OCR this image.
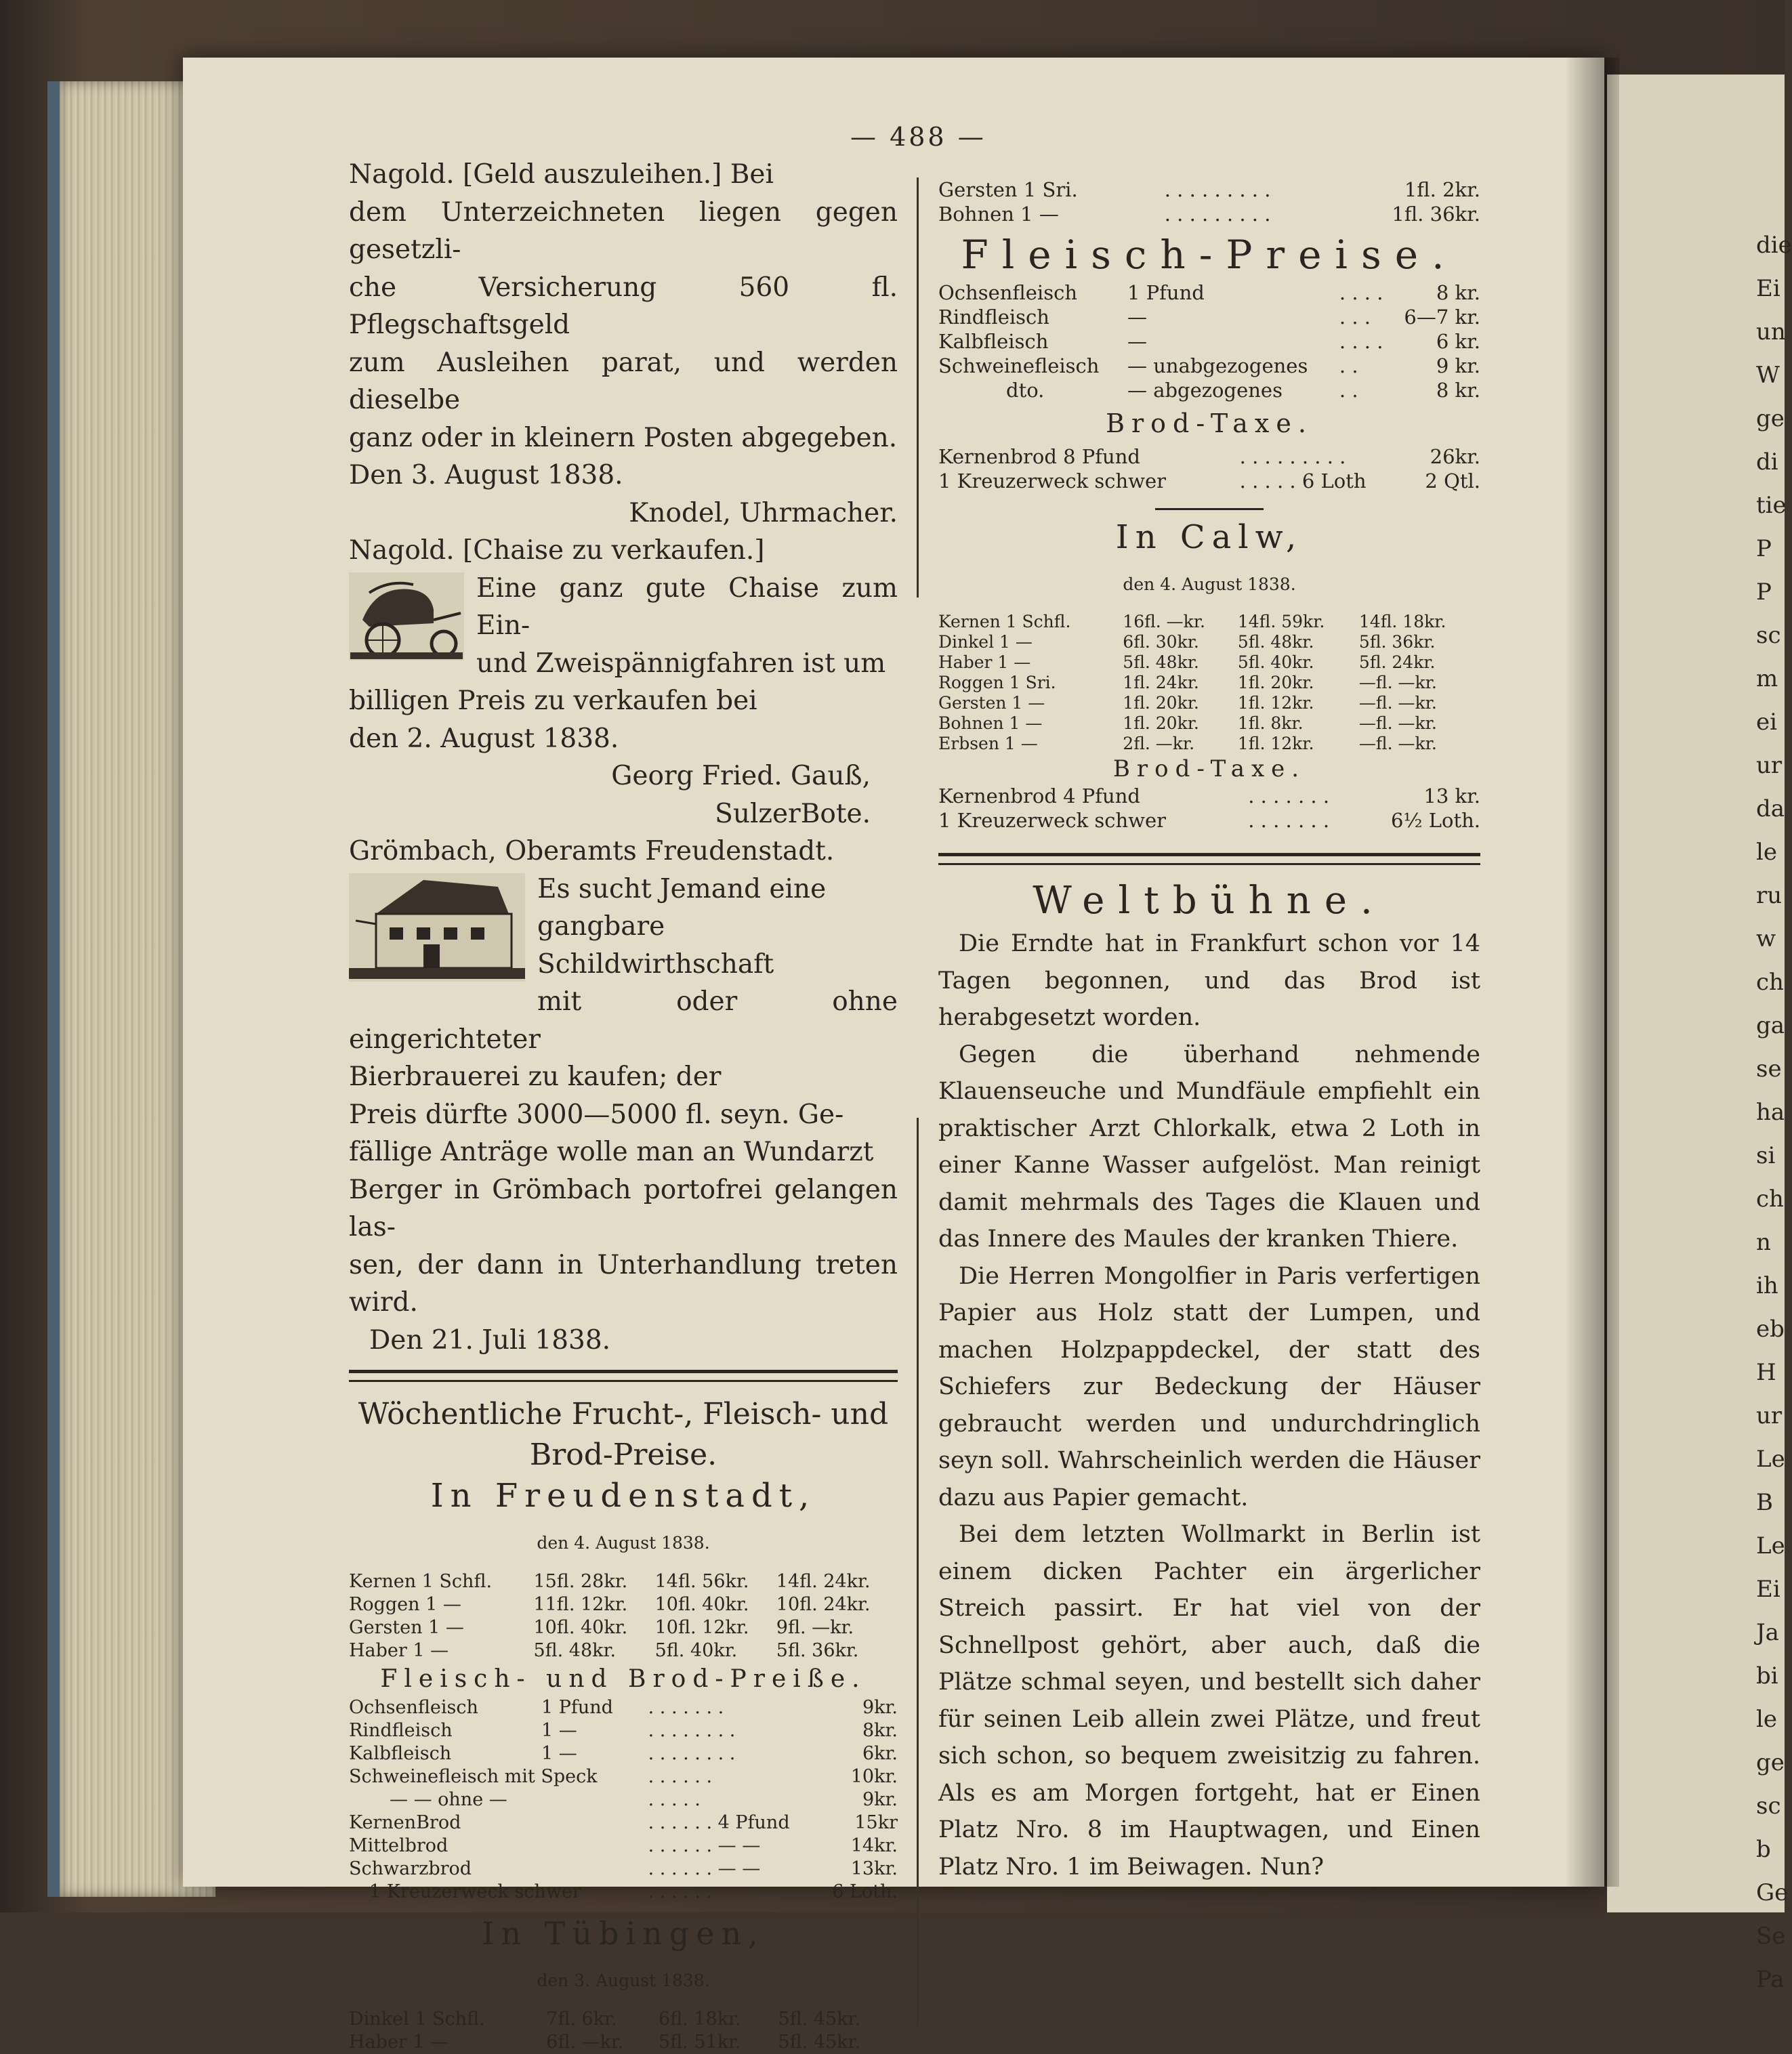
— 488 —

Nagold. [Geld auszuleihen.] Bei

dem Unterzeichneten liegen gegen gesetzli-

che Versicherung 560 fl. Pflegschaftsgeld

zum Ausleihen parat, und werden dieselbe

ganz oder in kleinern Posten abgegeben.

Den 3. August 1838.

Knodel, Uhrmacher.

Nagold. [Chaise zu verkaufen.]

Eine ganz gute Chaise zum Ein-

und Zweispännigfahren ist um

billigen Preis zu verkaufen bei

den 2. August 1838.

Georg Fried. Gauß,

SulzerBote.

Grömbach, Oberamts Freudenstadt.

Es sucht Jemand eine

gangbare Schildwirthschaft

mit oder ohne eingerichteter

Bierbrauerei zu kaufen; der

Preis dürfte 3000—5000 fl. seyn. Ge-

fällige Anträge wolle man an Wundarzt

Berger in Grömbach portofrei gelangen las-

sen, der dann in Unterhandlung treten wird.

Den 21. Juli 1838.

Wöchentliche Frucht-, Fleisch- und

Brod-Preise.

In Freudenstadt,

den 4. August 1838.

Kernen 1 Schfl.	15fl. 28kr.	14fl. 56kr.	14fl. 24kr.
Roggen 1 —	11fl. 12kr.	10fl. 40kr.	10fl. 24kr.
Gersten 1 —	10fl. 40kr.	10fl. 12kr.	9fl. —kr.
Haber 1 —	5fl. 48kr.	5fl. 40kr.	5fl. 36kr.

Fleisch- und Brod-Preiße.

Ochsenfleisch	1 Pfund	. . . . . . .	9kr.
Rindfleisch	1 —	. . . . . . . .	8kr.
Kalbfleisch	1 —	. . . . . . . .	6kr.
Schweinefleisch mit Speck		. . . . . .	10kr.
— — ohne —		. . . . .	9kr.
KernenBrod		. . . . . . 4 Pfund	15kr
Mittelbrod		. . . . . . — —	14kr.
Schwarzbrod		. . . . . . — —	13kr.
1 Kreuzerweck schwer		. . . . . .	6 Loth.

In Tübingen,

den 3. August 1838.

Dinkel 1 Schfl.	7fl. 6kr.	6fl. 18kr.	5fl. 45kr.
Haber 1 —	6fl. —kr.	5fl. 51kr.	5fl. 45kr.
Gersten 1 Sri.	. . . . . . . . .	1fl. 2kr.
Bohnen 1 —	. . . . . . . . .	1fl. 36kr.

Fleisch-Preise.

Ochsenfleisch	1 Pfund	. . . .	8 kr.
Rindfleisch	—	. . .	6—7 kr.
Kalbfleisch	—	. . . .	6 kr.
Schweinefleisch	— unabgezogenes	. .	9 kr.
dto.	— abgezogenes	. .	8 kr.

Brod-Taxe.

Kernenbrod 8 Pfund	. . . . . . . . .	26kr.
1 Kreuzerweck schwer	. . . . . 6 Loth	2 Qtl.

In Calw,

den 4. August 1838.

Kernen 1 Schfl.	16fl. —kr.	14fl. 59kr.	14fl. 18kr.
Dinkel 1 —	6fl. 30kr.	5fl. 48kr.	5fl. 36kr.
Haber 1 —	5fl. 48kr.	5fl. 40kr.	5fl. 24kr.
Roggen 1 Sri.	1fl. 24kr.	1fl. 20kr.	—fl. —kr.
Gersten 1 —	1fl. 20kr.	1fl. 12kr.	—fl. —kr.
Bohnen 1 —	1fl. 20kr.	1fl. 8kr.	—fl. —kr.
Erbsen 1 —	2fl. —kr.	1fl. 12kr.	—fl. —kr.

Brod-Taxe.

Kernenbrod 4 Pfund	. . . . . . .	13 kr.
1 Kreuzerweck schwer	. . . . . . .	6½ Loth.

Weltbühne.

Die Erndte hat in Frankfurt schon vor 14 Tagen begonnen, und das Brod ist herabgesetzt worden.

Gegen die überhand nehmende Klauenseuche und Mundfäule empfiehlt ein praktischer Arzt Chlorkalk, etwa 2 Loth in einer Kanne Wasser aufgelöst. Man reinigt damit mehrmals des Tages die Klauen und das Innere des Maules der kranken Thiere.

Die Herren Mongolfier in Paris verfertigen Papier aus Holz statt der Lumpen, und machen Holzpappdeckel, der statt des Schiefers zur Bedeckung der Häuser gebraucht werden und undurchdringlich seyn soll. Wahrscheinlich werden die Häuser dazu aus Papier gemacht.

Bei dem letzten Wollmarkt in Berlin ist einem dicken Pachter ein ärgerlicher Streich passirt. Er hat viel von der Schnellpost gehört, aber auch, daß die Plätze schmal seyen, und bestellt sich daher für seinen Leib allein zwei Plätze, und freut sich schon, so bequem zweisitzig zu fahren. Als es am Morgen fortgeht, hat er Einen Platz Nro. 8 im Hauptwagen, und Einen Platz Nro. 1 im Beiwagen. Nun?

die
Ei
un
W
ge
di
tie
P
P
sc
m
ei
ur
da
le
ru
w
ch
ga
se
ha
si
ch
n
ih
eb
H
ur
Le
B
Le
Ei
Ja
bi
le
ge
sc
b
Ge
Se
Pa
